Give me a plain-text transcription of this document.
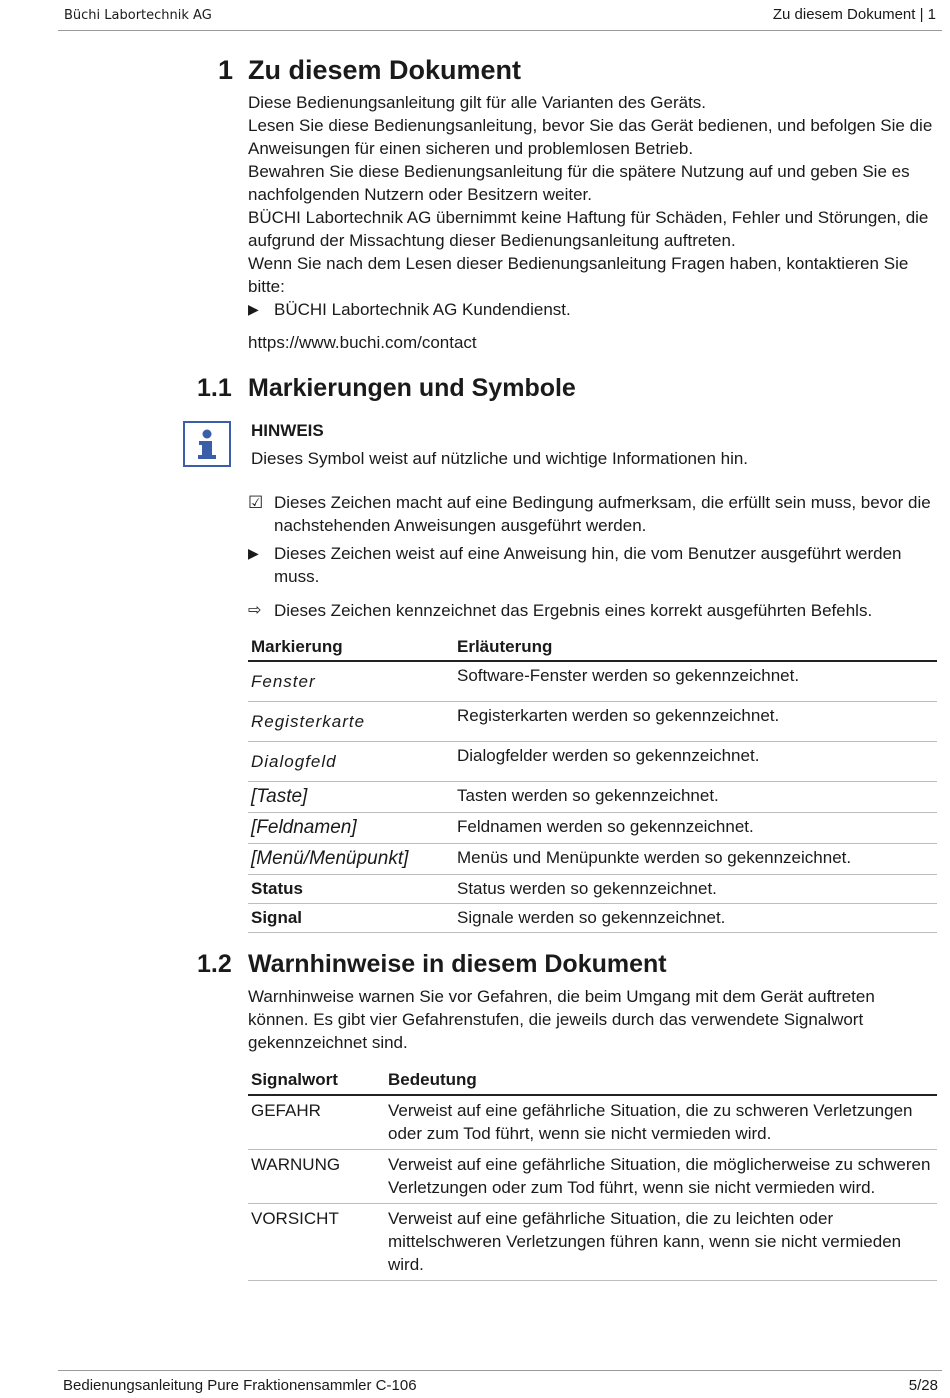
Büchi Labortechnik AG	Zu diesem Dokument | 1
1 Zu diesem Dokument

Diese Bedienungsanleitung gilt für alle Varianten des Geräts.

Lesen Sie diese Bedienungsanleitung, bevor Sie das Gerät bedienen, und befolgen Sie die Anweisungen für einen sicheren und problemlosen Betrieb.

Bewahren Sie diese Bedienungsanleitung für die spätere Nutzung auf und geben Sie es nachfolgenden Nutzern oder Besitzern weiter.

BÜCHI Labortechnik AG übernimmt keine Haftung für Schäden, Fehler und Störungen, die aufgrund der Missachtung dieser Bedienungsanleitung auftreten.

Wenn Sie nach dem Lesen dieser Bedienungsanleitung Fragen haben, kontaktieren Sie bitte:

▶ BÜCHI Labortechnik AG Kundendienst.

https://www.buchi.com/contact

1.1 Markierungen und Symbole
HINWEIS
Dieses Symbol weist auf nützliche und wichtige Informationen hin.
☑ Dieses Zeichen macht auf eine Bedingung aufmerksam, die erfüllt sein muss, bevor die nachstehenden Anweisungen ausgeführt werden.
▶ Dieses Zeichen weist auf eine Anweisung hin, die vom Benutzer ausgeführt werden muss.
⇨ Dieses Zeichen kennzeichnet das Ergebnis eines korrekt ausgeführten Befehls.
Markierung	Erläuterung
Fenster	Software-Fenster werden so gekennzeichnet.
Registerkarte	Registerkarten werden so gekennzeichnet.
Dialogfeld	Dialogfelder werden so gekennzeichnet.
[Taste]	Tasten werden so gekennzeichnet.
[Feldnamen]	Feldnamen werden so gekennzeichnet.
[Menü/Menüpunkt]	Menüs und Menüpunkte werden so gekennzeichnet.
Status	Status werden so gekennzeichnet.
Signal	Signale werden so gekennzeichnet.
1.2 Warnhinweise in diesem Dokument

Warnhinweise warnen Sie vor Gefahren, die beim Umgang mit dem Gerät auftreten können. Es gibt vier Gefahrenstufen, die jeweils durch das verwendete Signalwort gekennzeichnet sind.

Signalwort	Bedeutung
GEFAHR	Verweist auf eine gefährliche Situation, die zu schweren Verletzungen oder zum Tod führt, wenn sie nicht vermieden wird.
WARNUNG	Verweist auf eine gefährliche Situation, die möglicherweise zu schweren Verletzungen oder zum Tod führt, wenn sie nicht vermieden wird.
VORSICHT	Verweist auf eine gefährliche Situation, die zu leichten oder mittelschweren Verletzungen führen kann, wenn sie nicht vermieden wird.
Bedienungsanleitung Pure Fraktionensammler C-106	5/28
